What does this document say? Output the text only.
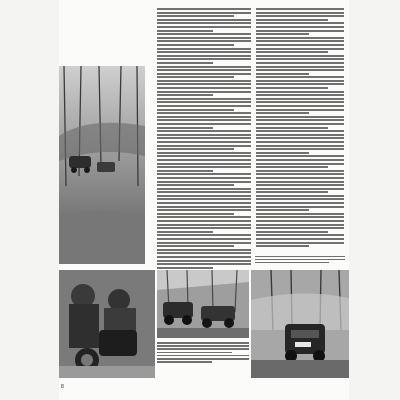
8
